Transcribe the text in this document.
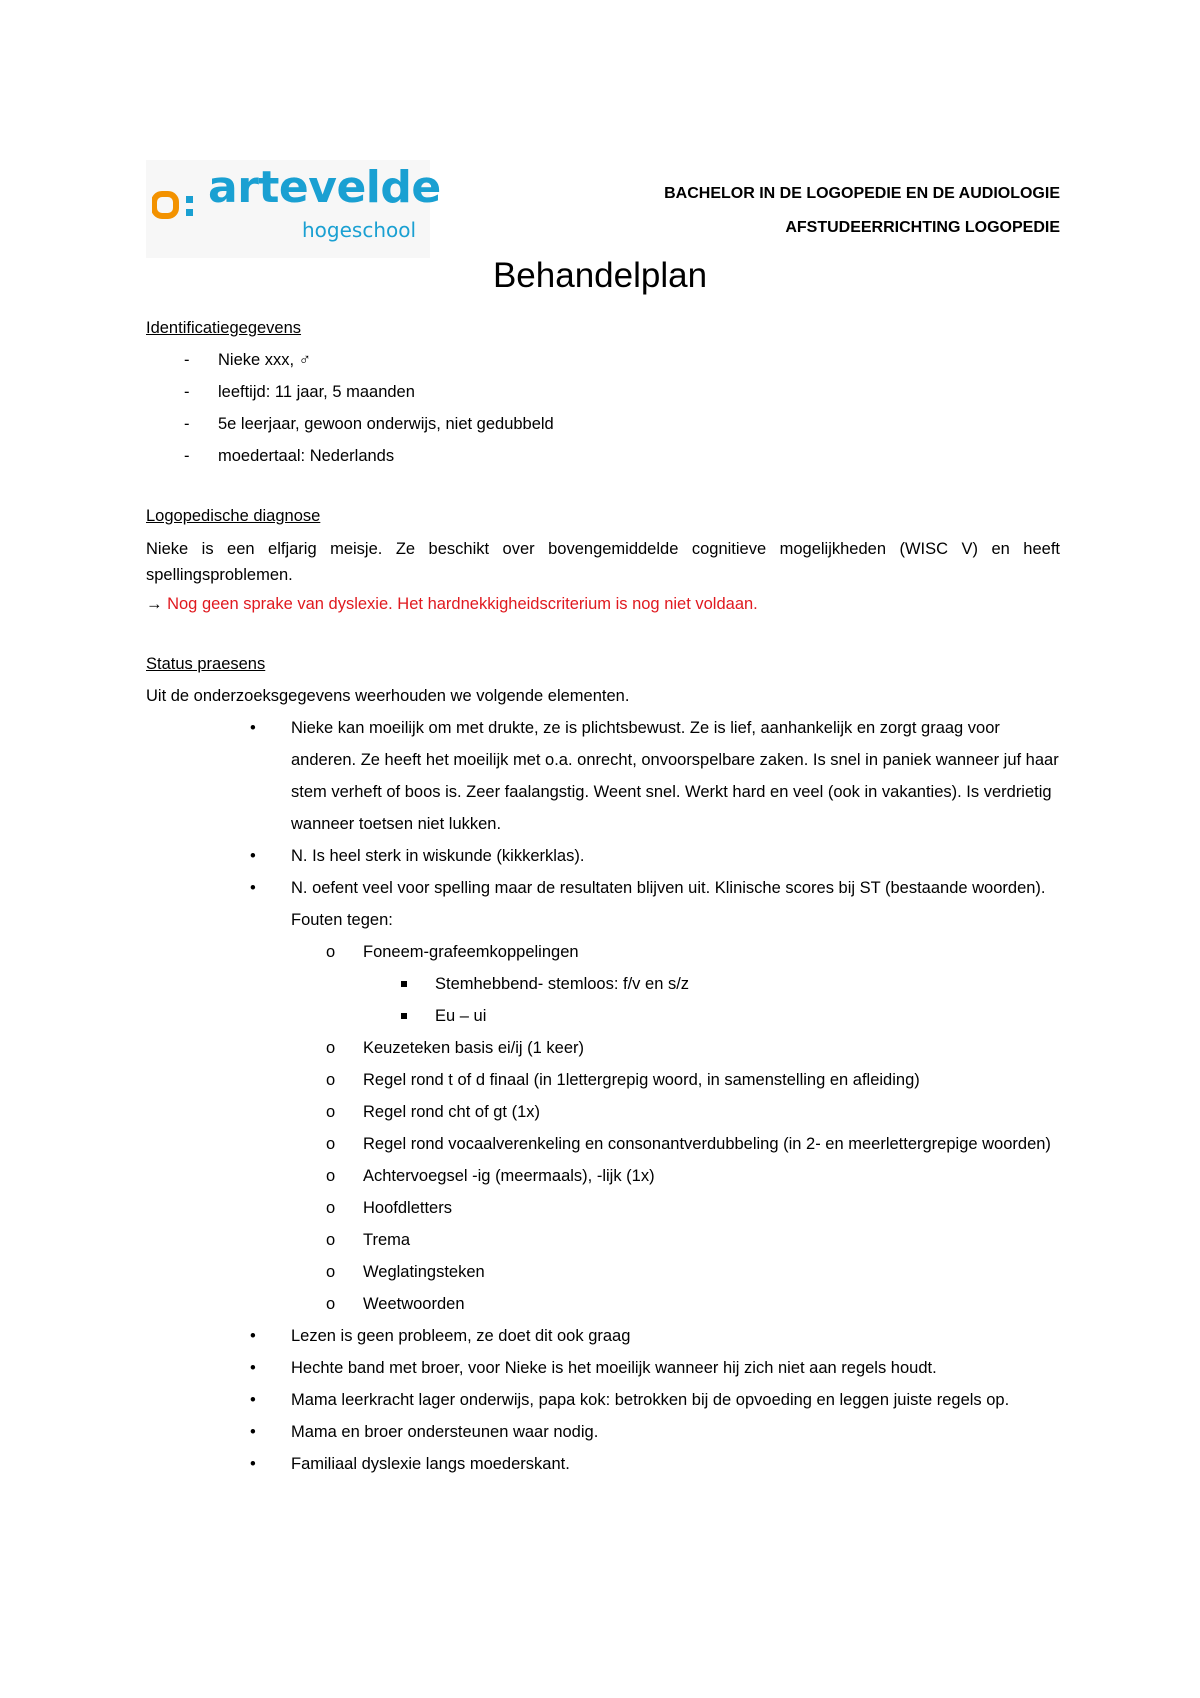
artevelde
hogeschool
BACHELOR IN DE LOGOPEDIE EN DE AUDIOLOGIE
AFSTUDEERRICHTING LOGOPEDIE
Behandelplan

Identificatiegegevens

- Nieke xxx, ♂
- leeftijd: 11 jaar, 5 maanden
- 5e leerjaar, gewoon onderwijs, niet gedubbeld
- moedertaal: Nederlands

Logopedische diagnose

Nieke is een elfjarig meisje. Ze beschikt over bovengemiddelde cognitieve mogelijkheden (WISC V) en heeft spellingsproblemen.

→ Nog geen sprake van dyslexie. Het hardnekkigheidscriterium is nog niet voldaan.

Status praesens

Uit de onderzoeksgegevens weerhouden we volgende elementen.

• Nieke kan moeilijk om met drukte, ze is plichtsbewust. Ze is lief, aanhankelijk en zorgt graag voor anderen. Ze heeft het moeilijk met o.a. onrecht, onvoorspelbare zaken. Is snel in paniek wanneer juf haar stem verheft of boos is. Zeer faalangstig. Weent snel. Werkt hard en veel (ook in vakanties). Is verdrietig wanneer toetsen niet lukken.
• N. Is heel sterk in wiskunde (kikkerklas).
• N. oefent veel voor spelling maar de resultaten blijven uit. Klinische scores bij ST (bestaande woorden). Fouten tegen:
o Foneem-grafeemkoppelingen
Stemhebbend- stemloos: f/v en s/z
Eu – ui
o Keuzeteken basis ei/ij (1 keer)
o Regel rond t of d finaal (in 1lettergrepig woord, in samenstelling en afleiding)
o Regel rond cht of gt (1x)
o Regel rond vocaalverenkeling en consonantverdubbeling (in 2- en meerlettergrepige woorden)
o Achtervoegsel -ig (meermaals), -lijk (1x)
o Hoofdletters
o Trema
o Weglatingsteken
o Weetwoorden
• Lezen is geen probleem, ze doet dit ook graag
• Hechte band met broer, voor Nieke is het moeilijk wanneer hij zich niet aan regels houdt.
• Mama leerkracht lager onderwijs, papa kok: betrokken bij de opvoeding en leggen juiste regels op.
• Mama en broer ondersteunen waar nodig.
• Familiaal dyslexie langs moederskant.
